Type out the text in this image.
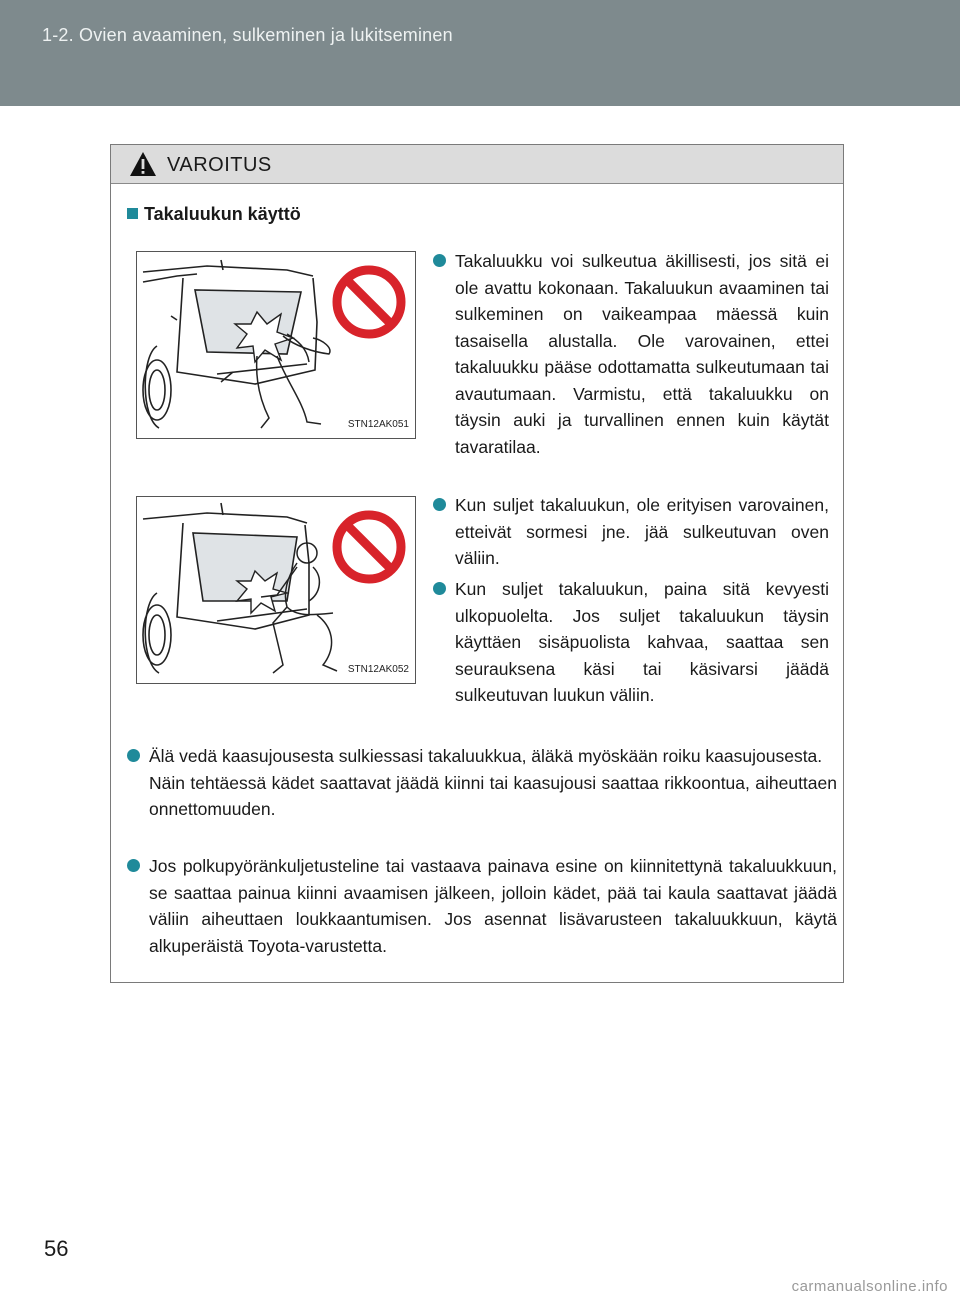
1-2. Ovien avaaminen, sulkeminen ja lukitseminen
VAROITUS
Takaluukun käyttö
STN12AK051
STN12AK052
Takaluukku voi sulkeutua äkillisesti, jos sitä ei ole avattu kokonaan. Takaluukun avaaminen tai sulkeminen on vaikeampaa mäessä kuin tasaisella alustalla. Ole varovainen, ettei takaluukku pääse odottamatta sulkeutumaan tai avautumaan. Varmistu, että takaluukku on täysin auki ja turvallinen ennen kuin käytät tavaratilaa.
Kun suljet takaluukun, ole erityisen varovainen, etteivät sormesi jne. jää sulkeutuvan oven väliin.
Kun suljet takaluukun, paina sitä kevyesti ulkopuolelta. Jos suljet takaluukun täysin käyttäen sisäpuolista kahvaa, saattaa sen seurauksena käsi tai käsivarsi jäädä sulkeutuvan luukun väliin.
Älä vedä kaasujousesta sulkiessasi takaluukkua, äläkä myöskään roiku kaasujousesta.
Näin tehtäessä kädet saattavat jäädä kiinni tai kaasujousi saattaa rikkoontua, aiheuttaen onnettomuuden.
Jos polkupyöränkuljetusteline tai vastaava painava esine on kiinnitettynä takaluukkuun, se saattaa painua kiinni avaamisen jälkeen, jolloin kädet, pää tai kaula saattavat jäädä väliin aiheuttaen loukkaantumisen. Jos asennat lisävarusteen takaluukkuun, käytä alkuperäistä Toyota-varustetta.
56
carmanualsonline.info
